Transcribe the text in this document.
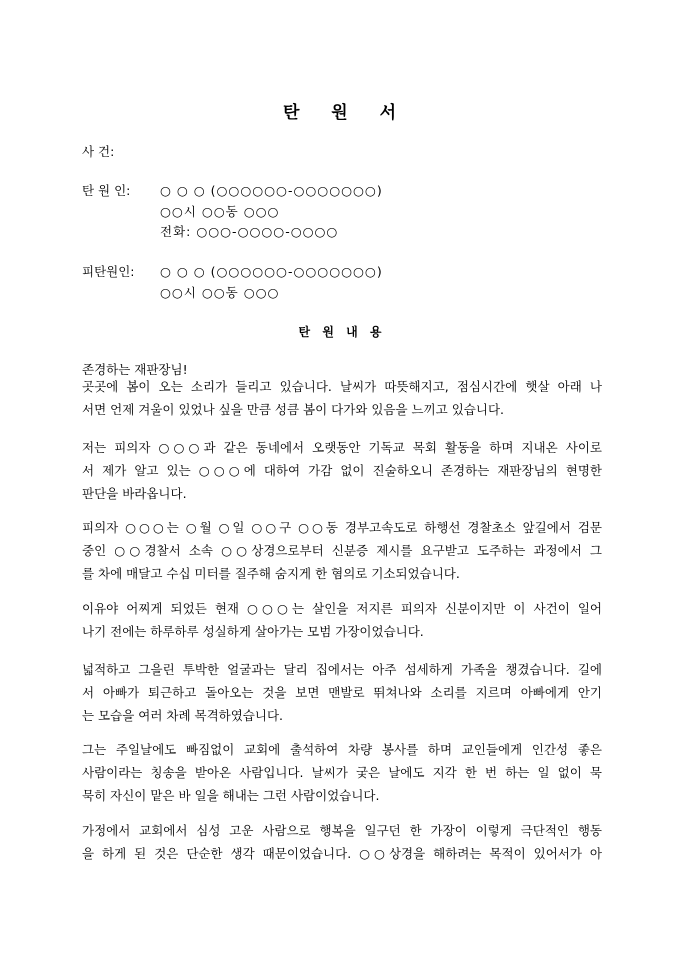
탄 원 서
사 건:
탄 원 인: ○ ○ ○ (○○○○○○-○○○○○○○)
○○시 ○○동 ○○○
전화: ○○○-○○○○-○○○○
피탄원인: ○ ○ ○ (○○○○○○-○○○○○○○)
○○시 ○○동 ○○○
탄 원 내 용
존경하는 재판장님!
곳곳에 봄이 오는 소리가 들리고 있습니다. 날씨가 따뜻해지고, 점심시간에 햇살 아래 나
서면 언제 겨울이 있었나 싶을 만큼 성큼 봄이 다가와 있음을 느끼고 있습니다.
저는 피의자 ○○○과 같은 동네에서 오랫동안 기독교 목회 활동을 하며 지내온 사이로
서 제가 알고 있는 ○○○에 대하여 가감 없이 진술하오니 존경하는 재판장님의 현명한
판단을 바라옵니다.
피의자 ○○○는 ○월 ○일 ○○구 ○○동 경부고속도로 하행선 경찰초소 앞길에서 검문
중인 ○○경찰서 소속 ○○상경으로부터 신분증 제시를 요구받고 도주하는 과정에서 그
를 차에 매달고 수십 미터를 질주해 숨지게 한 혐의로 기소되었습니다.
이유야 어찌게 되었든 현재 ○○○는 살인을 저지른 피의자 신분이지만 이 사건이 일어
나기 전에는 하루하루 성실하게 살아가는 모범 가장이었습니다.
넓적하고 그을린 투박한 얼굴과는 달리 집에서는 아주 섬세하게 가족을 챙겼습니다. 길에
서 아빠가 퇴근하고 돌아오는 것을 보면 맨발로 뛰쳐나와 소리를 지르며 아빠에게 안기
는 모습을 여러 차례 목격하였습니다.
그는 주일날에도 빠짐없이 교회에 출석하여 차량 봉사를 하며 교인들에게 인간성 좋은
사람이라는 칭송을 받아온 사람입니다. 날씨가 궂은 날에도 지각 한 번 하는 일 없이 묵
묵히 자신이 맡은 바 일을 해내는 그런 사람이었습니다.
가정에서 교회에서 심성 고운 사람으로 행복을 일구던 한 가장이 이렇게 극단적인 행동
을 하게 된 것은 단순한 생각 때문이었습니다. ○○상경을 해하려는 목적이 있어서가 아
